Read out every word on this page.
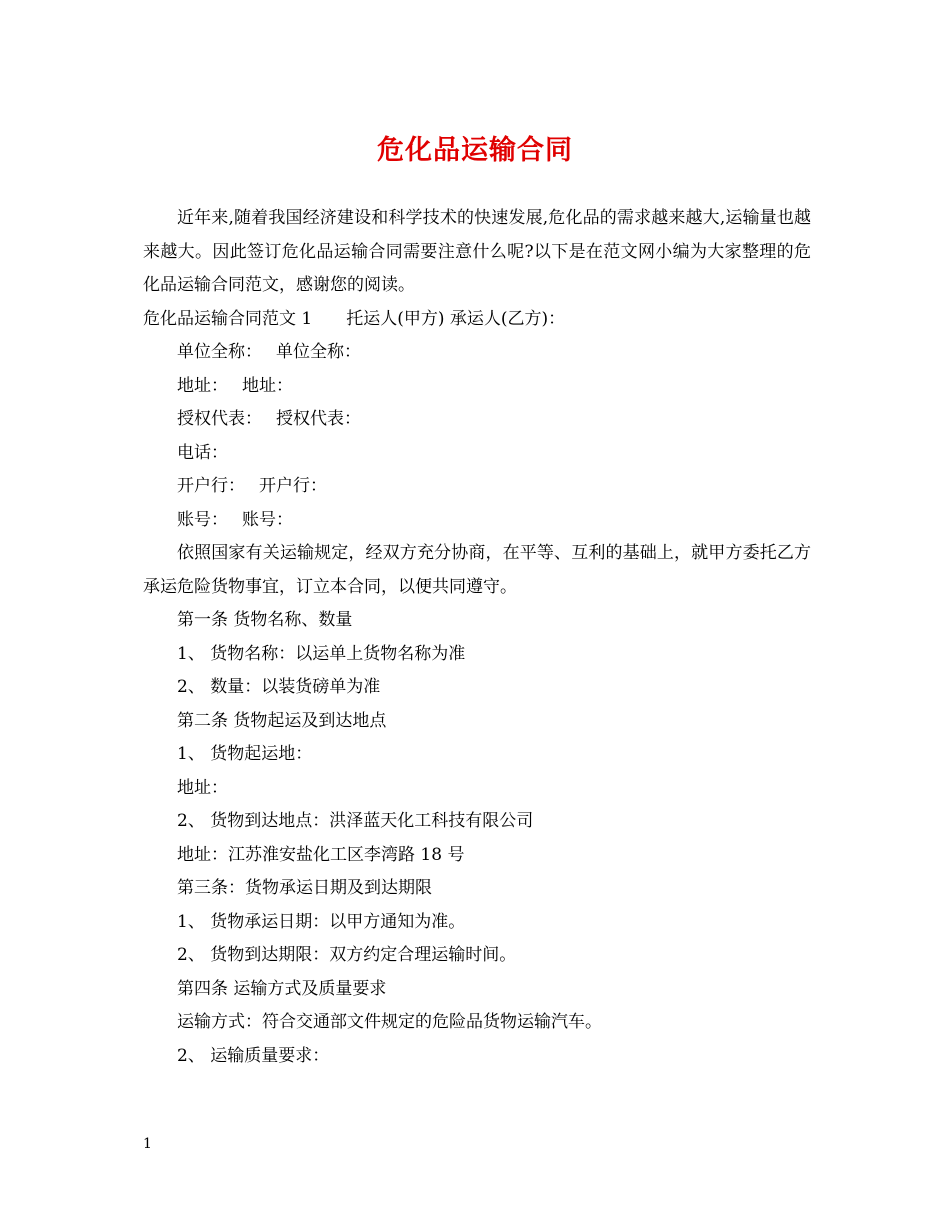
危化品运输合同

近年来,随着我国经济建设和科学技术的快速发展,危化品的需求越来越大,运输量也越来越大。因此签订危化品运输合同需要注意什么呢?以下是在范文网小编为大家整理的危化品运输合同范文，感谢您的阅读。

危化品运输合同范文 1 托运人(甲方) 承运人(乙方)：

单位全称： 单位全称：

地址： 地址：

授权代表： 授权代表：

电话：

开户行： 开户行：

账号： 账号：

依照国家有关运输规定，经双方充分协商，在平等、互利的基础上，就甲方委托乙方承运危险货物事宜，订立本合同，以便共同遵守。

第一条 货物名称、数量

1、 货物名称：以运单上货物名称为准

2、 数量：以装货磅单为准

第二条 货物起运及到达地点

1、 货物起运地：

地址：

2、 货物到达地点：洪泽蓝天化工科技有限公司

地址：江苏淮安盐化工区李湾路 18 号

第三条：货物承运日期及到达期限

1、 货物承运日期：以甲方通知为准。

2、 货物到达期限：双方约定合理运输时间。

第四条 运输方式及质量要求

运输方式：符合交通部文件规定的危险品货物运输汽车。

2、 运输质量要求：

1
